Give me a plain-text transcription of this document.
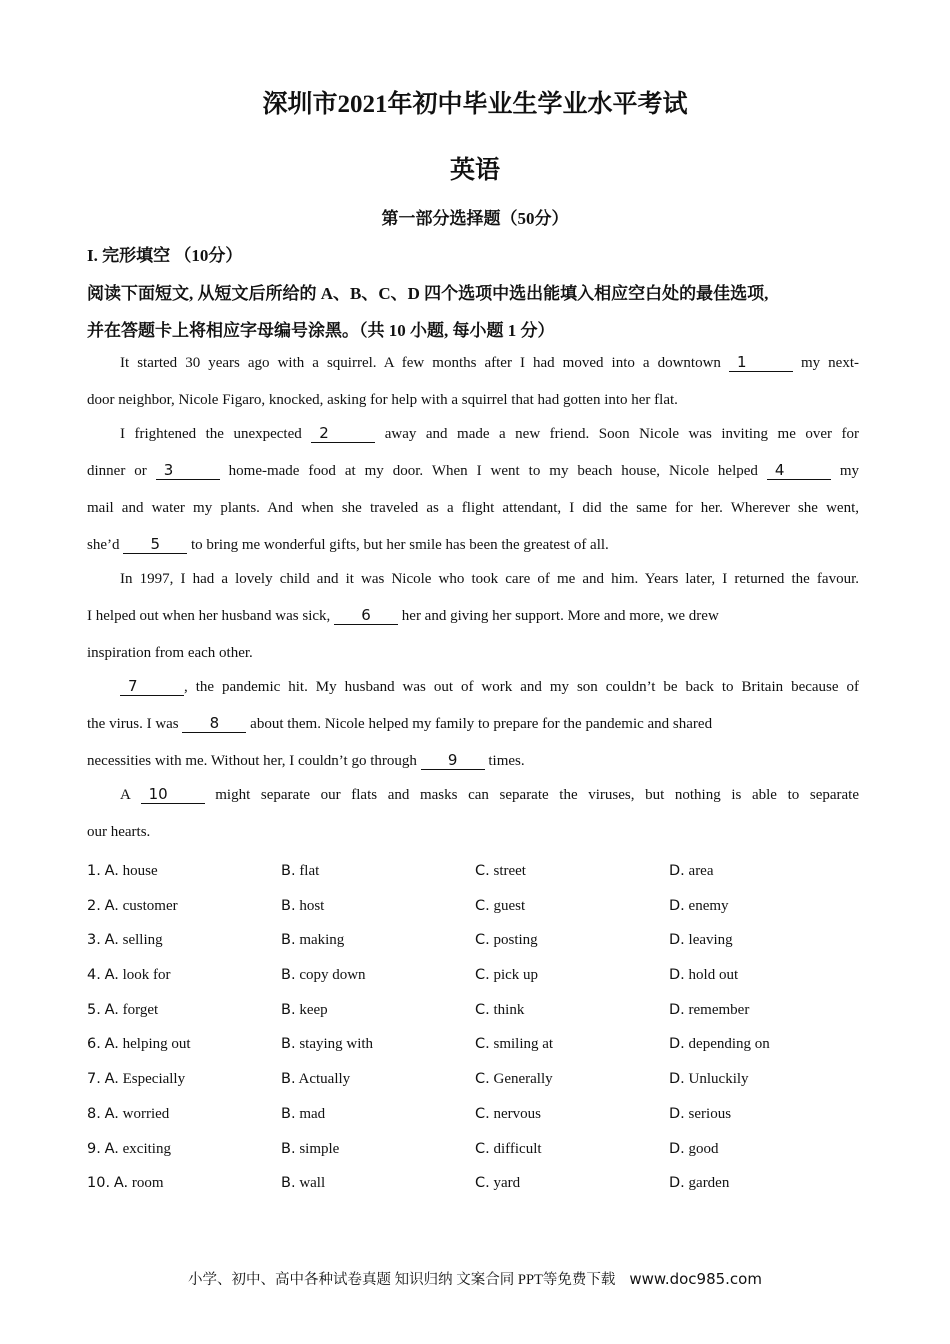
深圳市2021年初中毕业生学业水平考试
英语
第一部分选择题（50分）
I. 完形填空 （10分）
阅读下面短文, 从短文后所给的 A、B、C、D 四个选项中选出能填入相应空白处的最佳选项,
并在答题卡上将相应字母编号涂黑。（共 10 小题, 每小题 1 分）
It started 30 years ago with a squirrel. A few months after I had moved into a downtown 1	my next-
door neighbor, Nicole Figaro, knocked, asking for help with a squirrel that had gotten into her flat.
I frightened the unexpected 2	away and made a new friend. Soon Nicole was inviting me over for
dinner or 3	home-made food at my door. When I went to my beach house, Nicole helped 4	my
mail and water my plants. And when she traveled as a flight attendant, I did the same for her. Wherever she went,
she’d 5 to bring me wonderful gifts, but her smile has been the greatest of all.
In 1997, I had a lovely child and it was Nicole who took care of me and him. Years later, I returned the favour.
I helped out when her husband was sick, 6 her and giving her support. More and more, we drew
inspiration from each other.
7	, the pandemic hit. My husband was out of work and my son couldn’t be back to Britain because of
the virus. I was 8 about them. Nicole helped my family to prepare for the pandemic and shared
necessities with me. Without her, I couldn’t go through 9 times.
A 10 might separate our flats and masks can separate the viruses, but nothing is able to separate
our hearts.
1. A. house	B. flat	C. street	D. area
2. A. customer	B. host	C. guest	D. enemy
3. A. selling	B. making	C. posting	D. leaving
4. A. look for	B. copy down	C. pick up	D. hold out
5. A. forget	B. keep	C. think	D. remember
6. A. helping out	B. staying with	C. smiling at	D. depending on
7. A. Especially	B. Actually	C. Generally	D. Unluckily
8. A. worried	B. mad	C. nervous	D. serious
9. A. exciting	B. simple	C. difficult	D. good
10. A. room	B. wall	C. yard	D. garden
小学、初中、高中各种试卷真题 知识归纳 文案合同 PPT等免费下载 www.doc985.com
